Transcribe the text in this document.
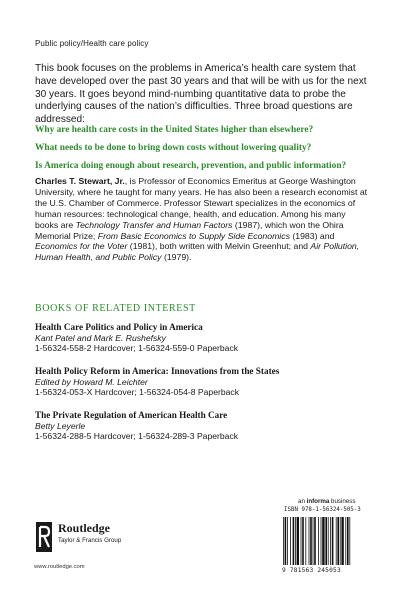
Public policy/Health care policy

This book focuses on the problems in America’s health care system that have developed over the past 30 years and that will be with us for the next 30 years. It goes beyond mind-numbing quantitative data to probe the underlying causes of the nation’s difficulties. Three broad questions are addressed:

Why are health care costs in the United States higher than elsewhere?
What needs to be done to bring down costs without lowering quality?
Is America doing enough about research, prevention, and public information?

Charles T. Stewart, Jr., is Professor of Economics Emeritus at George Washington University, where he taught for many years. He has also been a research economist at the U.S. Chamber of Commerce. Professor Stewart specializes in the economics of human resources: technological change, health, and education. Among his many books are Technology Transfer and Human Factors (1987), which won the Ohira Memorial Prize; From Basic Economics to Supply Side Economics (1983) and Economics for the Voter (1981), both written with Melvin Greenhut; and Air Pollution, Human Health, and Public Policy (1979).

BOOKS OF RELATED INTEREST
Health Care Politics and Policy in America
Kant Patel and Mark E. Rushefsky
1-56324-558-2 Hardcover; 1-56324-559-0 Paperback
Health Policy Reform in America: Innovations from the States
Edited by Howard M. Leichter
1-56324-053-X Hardcover; 1-56324-054-8 Paperback
The Private Regulation of American Health Care
Betty Leyerle
1-56324-288-5 Hardcover; 1-56324-289-3 Paperback
an informa business
ISBN 978-1-56324-505-3
9 781563 245053
Routledge
Taylor & Francis Group
www.routledge.com
